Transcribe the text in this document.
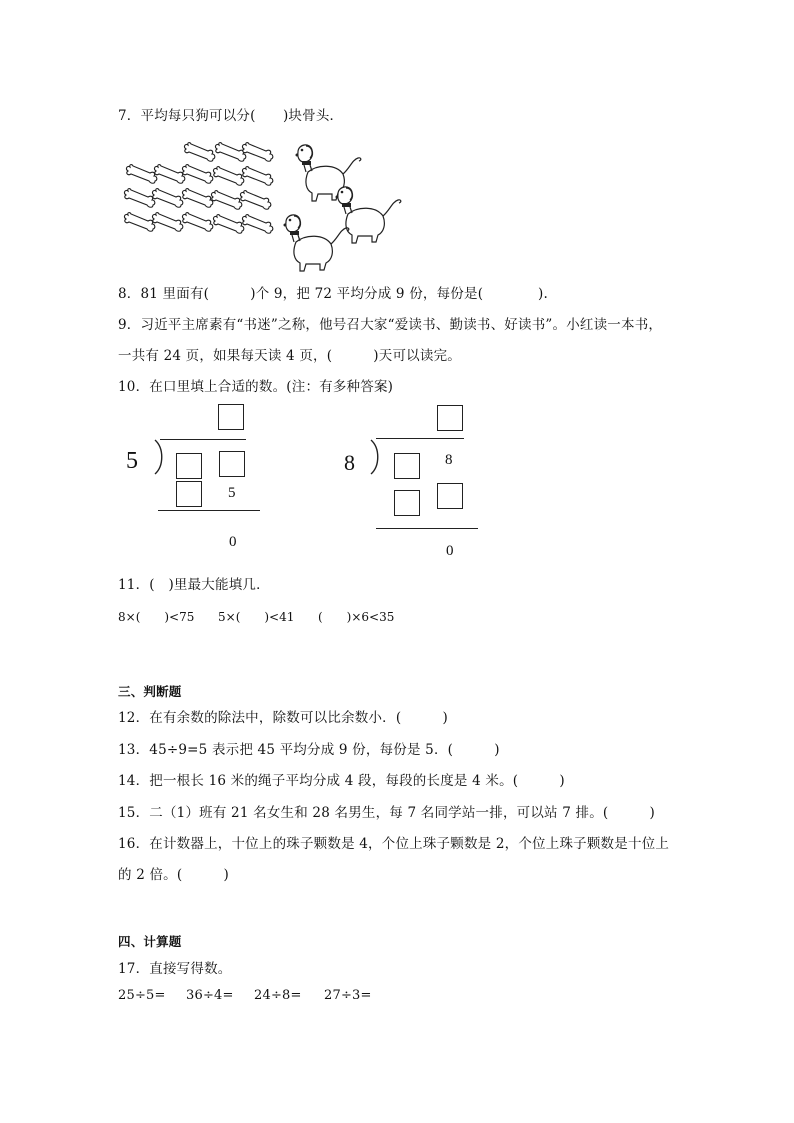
7．平均每只狗可以分(　　)块骨头．
8．81 里面有(　　　)个 9，把 72 平均分成 9 份，每份是(　　　　).
9．习近平主席素有“书迷”之称，他号召大家“爱读书、勤读书、好读书”。小红读一本书，
一共有 24 页，如果每天读 4 页，(　　　)天可以读完。
10．在口里填上合适的数。(注：有多种答案)
5
5
0
8	8
0
11．(　)里最大能填几．
8×(　　)<75 5×(　　)<41 (　　)×6<35
三、判断题
12．在有余数的除法中，除数可以比余数小．(　　　)
13．45÷9=5 表示把 45 平均分成 9 份，每份是 5．(　　　)
14．把一根长 16 米的绳子平均分成 4 段，每段的长度是 4 米。(　　　)
15．二（1）班有 21 名女生和 28 名男生，每 7 名同学站一排，可以站 7 排。(　　　)
16．在计数器上，十位上的珠子颗数是 4，个位上珠子颗数是 2，个位上珠子颗数是十位上
的 2 倍。(　　　)
四、计算题
17．直接写得数。
25÷5= 36÷4= 24÷8= 27÷3=
